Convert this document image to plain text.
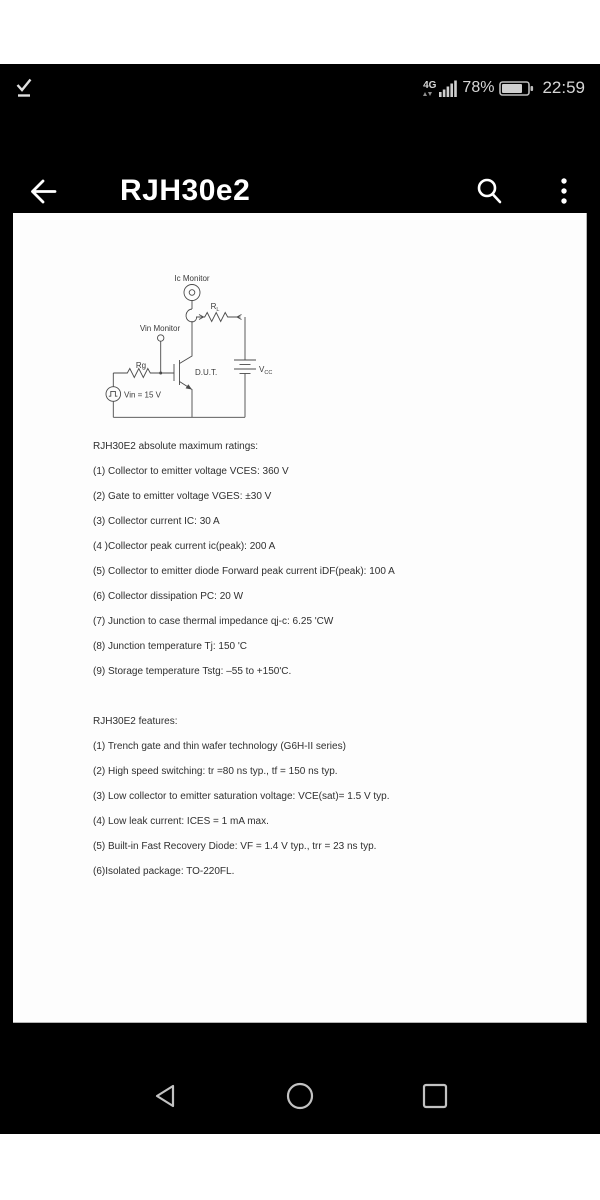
4G 78%	22:59
RJH30e2
Ic Monitor
$R_L$
$V_{CC}$
Vin Monitor
Rg
Vin = 15 V
D.U.T.

RJH30E2 absolute maximum ratings:

(1) Collector to emitter voltage VCES: 360 V

(2) Gate to emitter voltage VGES: ±30 V

(3) Collector current IC: 30 A

(4 )Collector peak current ic(peak): 200 A

(5) Collector to emitter diode Forward peak current iDF(peak): 100 A

(6) Collector dissipation PC: 20 W

(7) Junction to case thermal impedance qj-c: 6.25 'CW

(8) Junction temperature Tj: 150 'C

(9) Storage temperature Tstg: –55 to +150'C.

RJH30E2 features:

(1) Trench gate and thin wafer technology (G6H-II series)

(2) High speed switching: tr =80 ns typ., tf = 150 ns typ.

(3) Low collector to emitter saturation voltage: VCE(sat)= 1.5 V typ.

(4) Low leak current: ICES = 1 mA max.

(5) Built-in Fast Recovery Diode: VF = 1.4 V typ., trr = 23 ns typ.

(6)Isolated package: TO-220FL.
